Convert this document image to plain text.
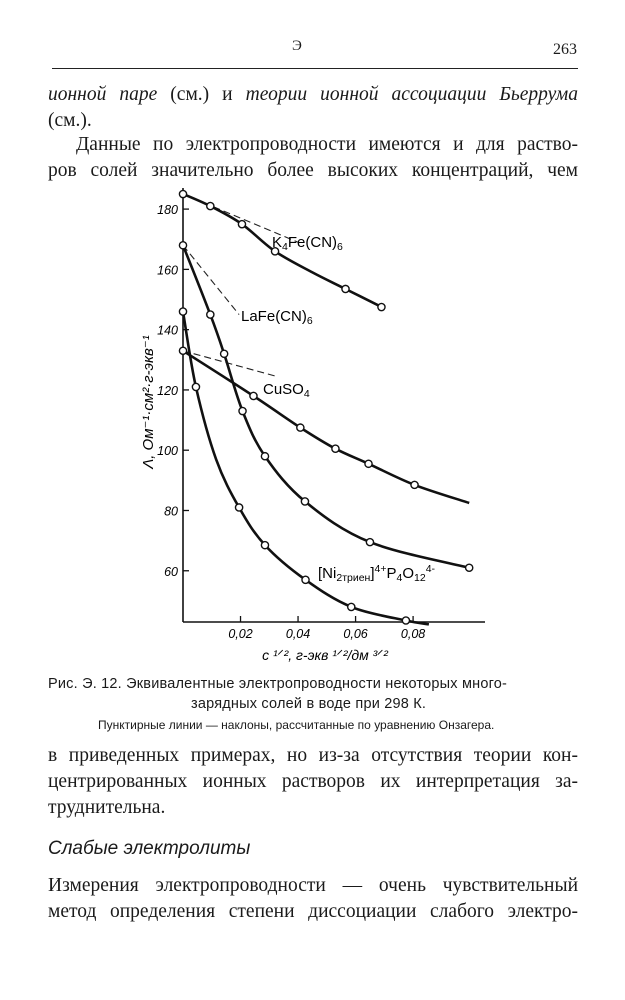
Э	263

ионной паре (см.) и теории ионной ассоциации Бьеррума
(см.).

Данные по электропроводности имеются и для раство-
ров солей значительно более высоких концентраций, чем

60
80
100
120
140
160
180
0,02	0,04	0,06	0,08
K4Fe(CN)6
LaFe(CN)6
CuSO4
[Ni2триен]4+P4O124-
Λ, Ом⁻¹·см²·г-экв⁻¹
c ¹ᐟ², г-экв ¹ᐟ²/дм ³ᐟ²
Рис. Э. 12. Эквивалентные электропроводности некоторых много-
зарядных солей в воде при 298 К.
Пунктирные линии — наклоны, рассчитанные по уравнению Онзагера.

в приведенных примерах, но из-за отсутствия теории кон-
центрированных ионных растворов их интерпретация за-
труднительна.

Слабые электролиты

Измерения электропроводности — очень чувствительный
метод определения степени диссоциации слабого электро-
